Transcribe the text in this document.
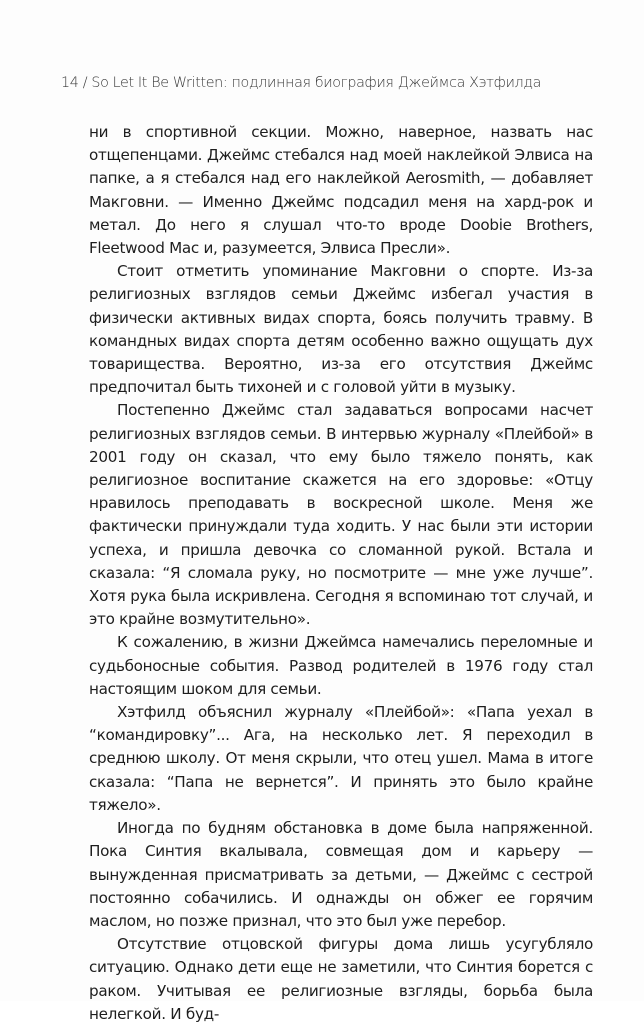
14 / So Let It Be Written: подлинная биография Джеймса Хэтфилда

ни в спортивной секции. Можно, наверное, назвать нас отщепенцами. Джеймс стебался над моей наклейкой Элвиса на папке, а я стебался над его наклейкой Aerosmith, — добавляет Макговни. — Именно Джеймс подсадил меня на хард-рок и метал. До него я слушал что-то вроде Doobie Brothers, Fleetwood Mac и, разумеется, Элвиса Пресли».

Стоит отметить упоминание Макговни о спорте. Из-за религиозных взглядов семьи Джеймс избегал участия в физически активных видах спорта, боясь получить травму. В командных видах спорта детям особенно важно ощущать дух товарищества. Вероятно, из-за его отсутствия Джеймс предпочитал быть тихоней и с головой уйти в музыку.

Постепенно Джеймс стал задаваться вопросами насчет религиозных взглядов семьи. В интервью журналу «Плейбой» в 2001 году он сказал, что ему было тяжело понять, как религиозное воспитание скажется на его здоровье: «Отцу нравилось преподавать в воскресной школе. Меня же фактически принуждали туда ходить. У нас были эти истории успеха, и пришла девочка со сломанной рукой. Встала и сказала: “Я сломала руку, но посмотрите — мне уже лучше”. Хотя рука была искривлена. Сегодня я вспоминаю тот случай, и это крайне возмутительно».

К сожалению, в жизни Джеймса намечались переломные и судьбоносные события. Развод родителей в 1976 году стал настоящим шоком для семьи.

Хэтфилд объяснил журналу «Плейбой»: «Папа уехал в “командировку”... Ага, на несколько лет. Я переходил в среднюю школу. От меня скрыли, что отец ушел. Мама в итоге сказала: “Папа не вернется”. И принять это было крайне тяжело».

Иногда по будням обстановка в доме была напряженной. Пока Синтия вкалывала, совмещая дом и карьеру — вынужденная присматривать за детьми, — Джеймс с сестрой постоянно собачились. И однажды он обжег ее горячим маслом, но позже признал, что это был уже перебор.

Отсутствие отцовской фигуры дома лишь усугубляло ситуацию. Однако дети еще не заметили, что Синтия борется с раком. Учитывая ее религиозные взгляды, борьба была нелегкой. И буд-
